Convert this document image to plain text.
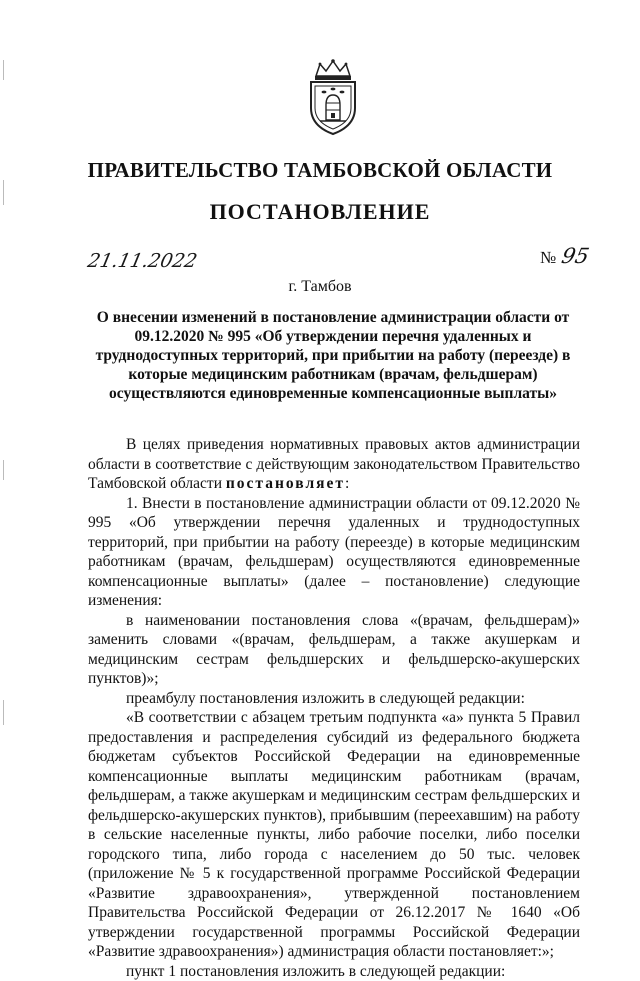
ПРАВИТЕЛЬСТВО ТАМБОВСКОЙ ОБЛАСТИ
ПОСТАНОВЛЕНИЕ
21.11.2022	№ 95
г. Тамбов
О внесении изменений в постановление администрации области от 09.12.2020 № 995 «Об утверждении перечня удаленных и труднодоступных территорий, при прибытии на работу (переезде) в которые медицинским работникам (врачам, фельдшерам) осуществляются единовременные компенсационные выплаты»

В целях приведения нормативных правовых актов администрации области в соответствие с действующим законодательством Правительство Тамбовской области постановляет:

1. Внести в постановление администрации области от 09.12.2020 № 995 «Об утверждении перечня удаленных и труднодоступных территорий, при прибытии на работу (переезде) в которые медицинским работникам (врачам, фельдшерам) осуществляются единовременные компенсационные выплаты» (далее – постановление) следующие изменения:

в наименовании постановления слова «(врачам, фельдшерам)» заменить словами «(врачам, фельдшерам, а также акушеркам и медицинским сестрам фельдшерских и фельдшерско-акушерских пунктов)»;

преамбулу постановления изложить в следующей редакции:

«В соответствии с абзацем третьим подпункта «а» пункта 5 Правил предоставления и распределения субсидий из федерального бюджета бюджетам субъектов Российской Федерации на единовременные компенсационные выплаты медицинским работникам (врачам, фельдшерам, а также акушеркам и медицинским сестрам фельдшерских и фельдшерско-акушерских пунктов), прибывшим (переехавшим) на работу в сельские населенные пункты, либо рабочие поселки, либо поселки городского типа, либо города с населением до 50 тыс. человек (приложение № 5 к государственной программе Российской Федерации «Развитие здравоохранения», утвержденной постановлением Правительства Российской Федерации от 26.12.2017 № 1640 «Об утверждении государственной программы Российской Федерации «Развитие здравоохранения») администрация области постановляет:»;

пункт 1 постановления изложить в следующей редакции:
